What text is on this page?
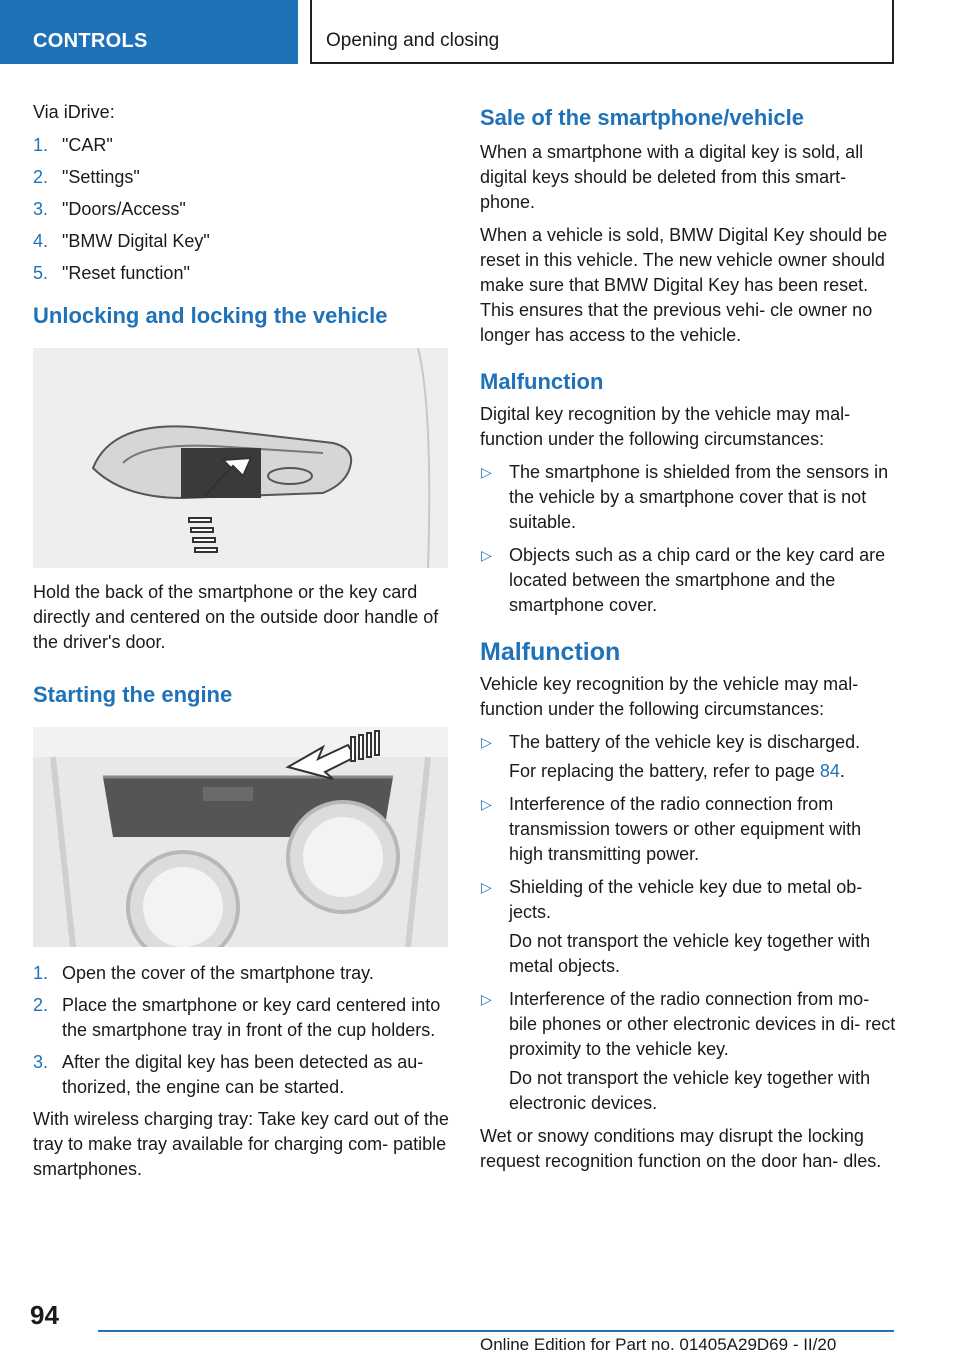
CONTROLS	Opening and closing

Via iDrive:

1. "CAR"
2. "Settings"
3. "Doors/Access"
4. "BMW Digital Key"
5. "Reset function"
Unlocking and locking the vehicle

Hold the back of the smartphone or the key card directly and centered on the outside door handle of the driver's door.

Starting the engine
1. Open the cover of the smartphone tray.
2. Place the smartphone or key card centered into the smartphone tray in front of the cup holders.
3. After the digital key has been detected as au- thorized, the engine can be started.

With wireless charging tray: Take key card out of the tray to make tray available for charging com- patible smartphones.

Sale of the smartphone/vehicle

When a smartphone with a digital key is sold, all digital keys should be deleted from this smart- phone.

When a vehicle is sold, BMW Digital Key should be reset in this vehicle. The new vehicle owner should make sure that BMW Digital Key has been reset. This ensures that the previous vehi- cle owner no longer has access to the vehicle.

Malfunction

Digital key recognition by the vehicle may mal- function under the following circumstances:

▷ The smartphone is shielded from the sensors in the vehicle by a smartphone cover that is not suitable.
▷ Objects such as a chip card or the key card are located between the smartphone and the smartphone cover.
Malfunction

Vehicle key recognition by the vehicle may mal- function under the following circumstances:

▷ The battery of the vehicle key is discharged.
For replacing the battery, refer to page 84.
▷ Interference of the radio connection from transmission towers or other equipment with high transmitting power.
▷ Shielding of the vehicle key due to metal ob- jects.
Do not transport the vehicle key together with metal objects.
▷ Interference of the radio connection from mo- bile phones or other electronic devices in di- rect proximity to the vehicle key.
Do not transport the vehicle key together with electronic devices.

Wet or snowy conditions may disrupt the locking request recognition function on the door han- dles.

94
Online Edition for Part no. 01405A29D69 - II/20
